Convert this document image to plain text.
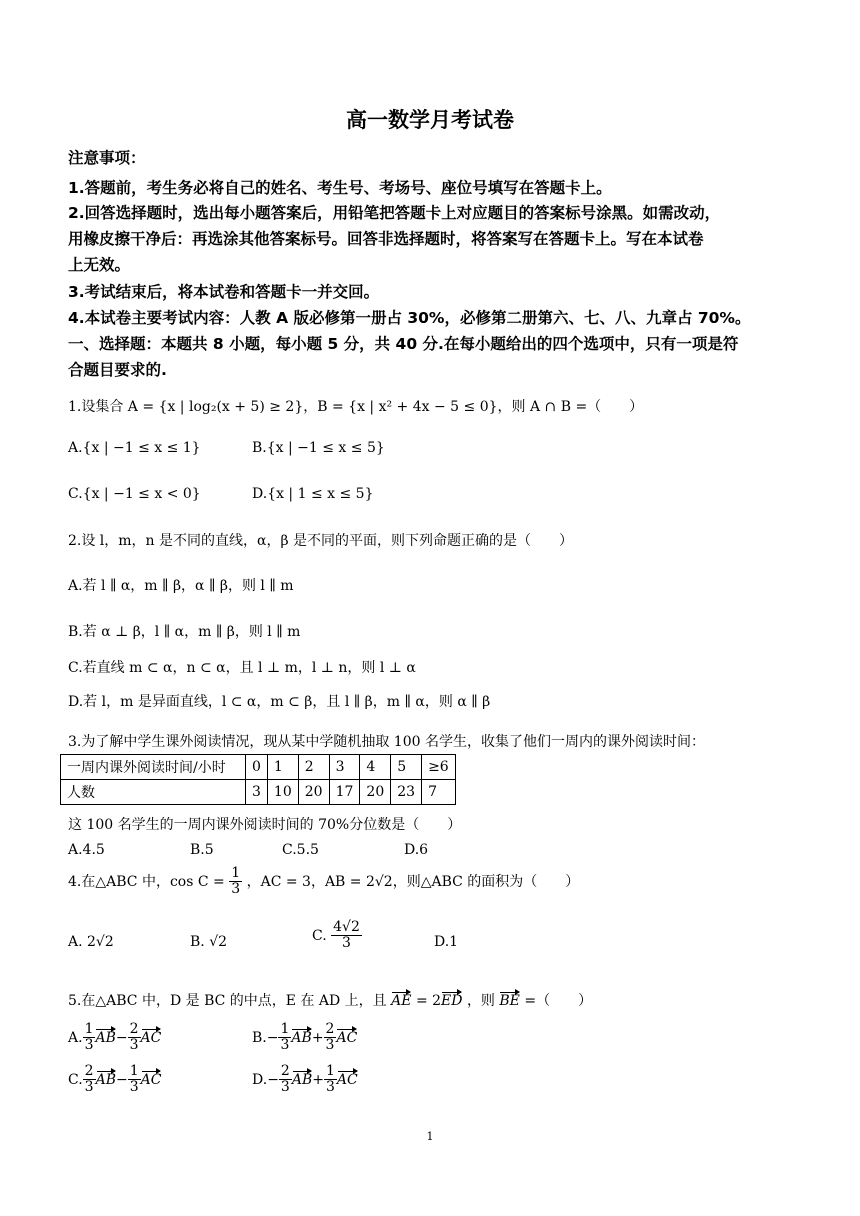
高一数学月考试卷
注意事项：
1.答题前，考生务必将自己的姓名、考生号、考场号、座位号填写在答题卡上。
2.回答选择题时，选出每小题答案后，用铅笔把答题卡上对应题目的答案标号涂黑。如需改动，
用橡皮擦干净后：再选涂其他答案标号。回答非选择题时，将答案写在答题卡上。写在本试卷
上无效。
3.考试结束后，将本试卷和答题卡一并交回。
4.本试卷主要考试内容：人教 A 版必修第一册占 30%，必修第二册第六、七、八、九章占 70%。
一、选择题：本题共 8 小题，每小题 5 分，共 40 分.在每小题给出的四个选项中，只有一项是符
合题目要求的.
1.设集合 A = {x | log₂(x + 5) ≥ 2}，B = {x | x² + 4x − 5 ≤ 0}，则 A ∩ B =（　　）
A.{x | −1 ≤ x ≤ 1}	B.{x | −1 ≤ x ≤ 5}
C.{x | −1 ≤ x < 0}	D.{x | 1 ≤ x ≤ 5}
2.设 l，m，n 是不同的直线，α，β 是不同的平面，则下列命题正确的是（　　）
A.若 l ∥ α，m ∥ β，α ∥ β，则 l ∥ m
B.若 α ⊥ β，l ∥ α，m ∥ β，则 l ∥ m
C.若直线 m ⊂ α，n ⊂ α，且 l ⊥ m，l ⊥ n，则 l ⊥ α
D.若 l，m 是异面直线，l ⊂ α，m ⊂ β，且 l ∥ β，m ∥ α，则 α ∥ β
3.为了解中学生课外阅读情况，现从某中学随机抽取 100 名学生，收集了他们一周内的课外阅读时间：
一周内课外阅读时间/小时	0	1	2	3	4	5	≥6
人数	3	10	20	17	20	23	7
这 100 名学生的一周内课外阅读时间的 70%分位数是（　　）
A.4.5	B.5	C.5.5	D.6
4.在△ABC 中，$\cos C = \frac{1}{3}$ ，AC = 3，AB = 2√2，则△ABC 的面积为（　　）
A. 2√2	B. √2	C. $\frac{4√2}{3}$	D.1
5.在△ABC 中，D 是 BC 的中点，E 在 AD 上，且 AE = 2ED ，则 BE =（　　）
A. $\frac{1}{3} AB- \frac{2}{3}$ AC	$B.- \frac{1}{3} AB+ \frac{2}{3}$ AC
C. $\frac{2}{3} AB- \frac{1}{3}$ AC	$D.- \frac{2}{3} AB+ \frac{1}{3}$ AC
1
